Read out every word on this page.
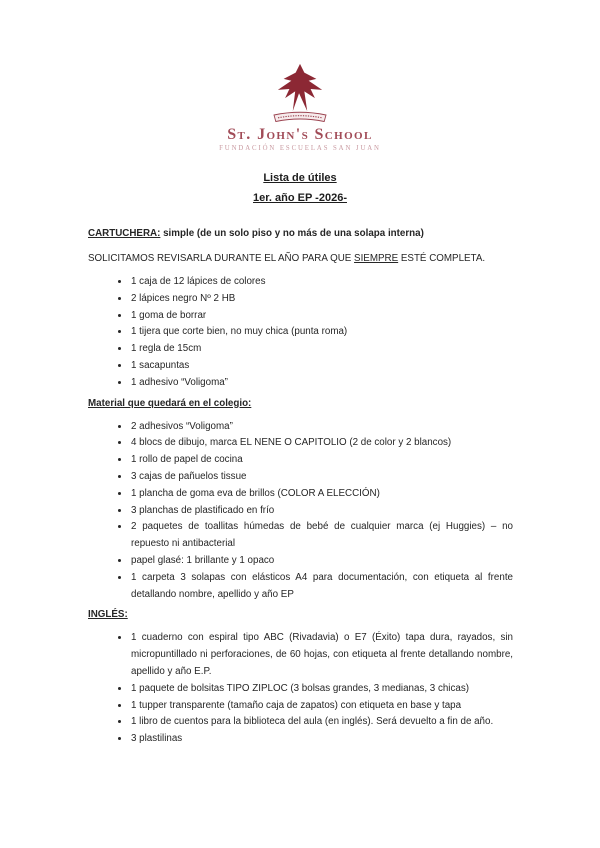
St. John's School
FUNDACIÓN ESCUELAS SAN JUAN
Lista de útiles
1er. año EP -2026-

CARTUCHERA: simple (de un solo piso y no más de una solapa interna)

SOLICITAMOS REVISARLA DURANTE EL AÑO PARA QUE SIEMPRE ESTÉ COMPLETA.

• 1 caja de 12 lápices de colores
• 2 lápices negro Nº 2 HB
• 1 goma de borrar
• 1 tijera que corte bien, no muy chica (punta roma)
• 1 regla de 15cm
• 1 sacapuntas
• 1 adhesivo “Voligoma”

Material que quedará en el colegio:

• 2 adhesivos “Voligoma”
• 4 blocs de dibujo, marca EL NENE O CAPITOLIO (2 de color y 2 blancos)
• 1 rollo de papel de cocina
• 3 cajas de pañuelos tissue
• 1 plancha de goma eva de brillos (COLOR A ELECCIÓN)
• 3 planchas de plastificado en frío
• 2 paquetes de toallitas húmedas de bebé de cualquier marca (ej Huggies) – no repuesto ni antibacterial
• papel glasé: 1 brillante y 1 opaco
• 1 carpeta 3 solapas con elásticos A4 para documentación, con etiqueta al frente detallando nombre, apellido y año EP

INGLÉS:

• 1 cuaderno con espiral tipo ABC (Rivadavia) o E7 (Éxito) tapa dura, rayados, sin micropuntillado ni perforaciones, de 60 hojas, con etiqueta al frente detallando nombre, apellido y año E.P.
• 1 paquete de bolsitas TIPO ZIPLOC (3 bolsas grandes, 3 medianas, 3 chicas)
• 1 tupper transparente (tamaño caja de zapatos) con etiqueta en base y tapa
• 1 libro de cuentos para la biblioteca del aula (en inglés). Será devuelto a fin de año.
• 3 plastilinas
